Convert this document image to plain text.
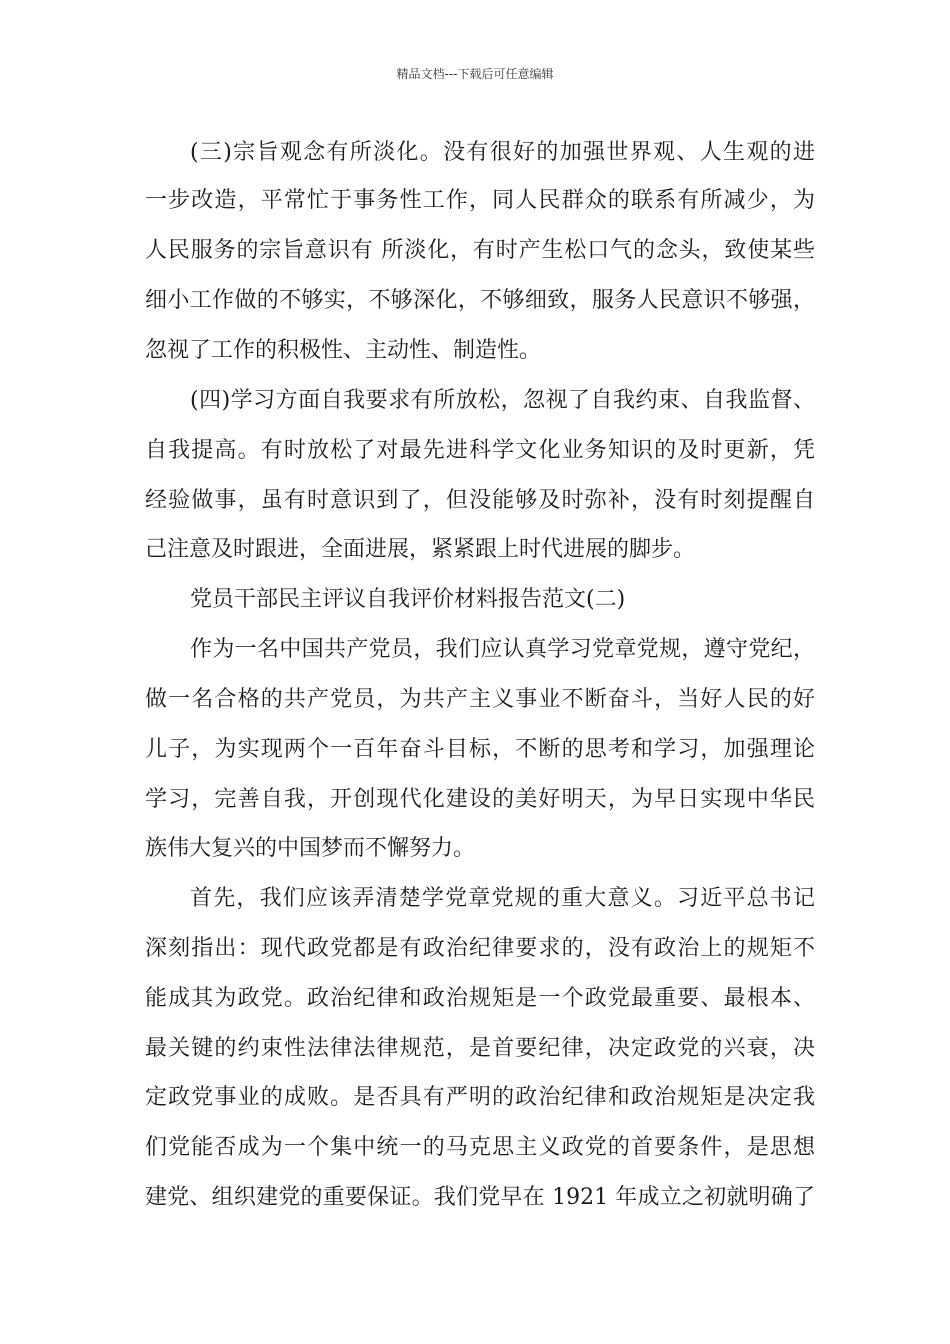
精品文档---下载后可任意编辑
(三)宗旨观念有所淡化。没有很好的加强世界观、人生观的进
一步改造，平常忙于事务性工作，同人民群众的联系有所减少，为
人民服务的宗旨意识有 所淡化，有时产生松口气的念头，致使某些
细小工作做的不够实，不够深化，不够细致，服务人民意识不够强，
忽视了工作的积极性、主动性、制造性。
(四)学习方面自我要求有所放松，忽视了自我约束、自我监督、
自我提高。有时放松了对最先进科学文化业务知识的及时更新，凭
经验做事，虽有时意识到了，但没能够及时弥补，没有时刻提醒自
己注意及时跟进，全面进展，紧紧跟上时代进展的脚步。
党员干部民主评议自我评价材料报告范文(二)
作为一名中国共产党员，我们应认真学习党章党规，遵守党纪，
做一名合格的共产党员，为共产主义事业不断奋斗，当好人民的好
儿子，为实现两个一百年奋斗目标，不断的思考和学习，加强理论
学习，完善自我，开创现代化建设的美好明天，为早日实现中华民
族伟大复兴的中国梦而不懈努力。
首先，我们应该弄清楚学党章党规的重大意义。习近平总书记
深刻指出：现代政党都是有政治纪律要求的，没有政治上的规矩不
能成其为政党。政治纪律和政治规矩是一个政党最重要、最根本、
最关键的约束性法律法律规范，是首要纪律，决定政党的兴衰，决
定政党事业的成败。是否具有严明的政治纪律和政治规矩是决定我
们党能否成为一个集中统一的马克思主义政党的首要条件，是思想
建党、组织建党的重要保证。我们党早在 1921 年成立之初就明确了
